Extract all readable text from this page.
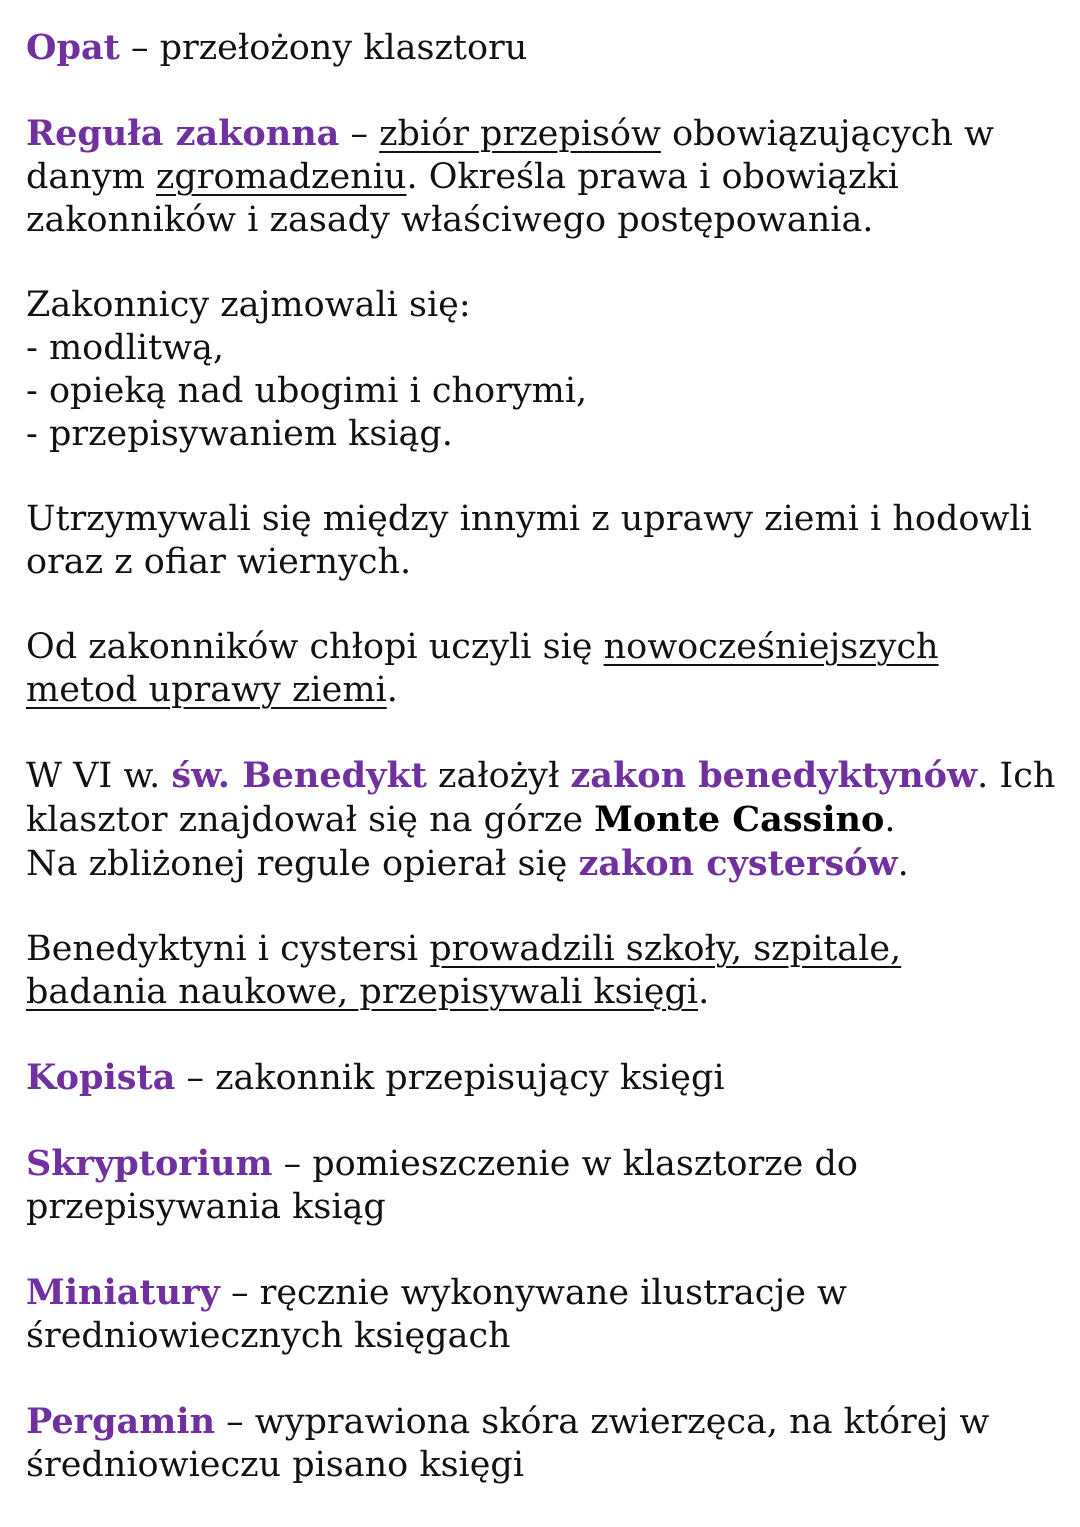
Opat – przełożony klasztoru

Reguła zakonna – zbiór przepisów obowiązujących w
danym zgromadzeniu. Określa prawa i obowiązki
zakonników i zasady właściwego postępowania.

Zakonnicy zajmowali się:
- modlitwą,
- opieką nad ubogimi i chorymi,
- przepisywaniem ksiąg.

Utrzymywali się między innymi z uprawy ziemi i hodowli
oraz z ofiar wiernych.

Od zakonników chłopi uczyli się nowocześniejszych
metod uprawy ziemi.

W VI w. św. Benedykt założył zakon benedyktynów. Ich
klasztor znajdował się na górze Monte Cassino.
Na zbliżonej regule opierał się zakon cystersów.

Benedyktyni i cystersi prowadzili szkoły, szpitale,
badania naukowe, przepisywali księgi.

Kopista – zakonnik przepisujący księgi

Skryptorium – pomieszczenie w klasztorze do
przepisywania ksiąg

Miniatury – ręcznie wykonywane ilustracje w
średniowiecznych księgach

Pergamin – wyprawiona skóra zwierzęca, na której w
średniowieczu pisano księgi
